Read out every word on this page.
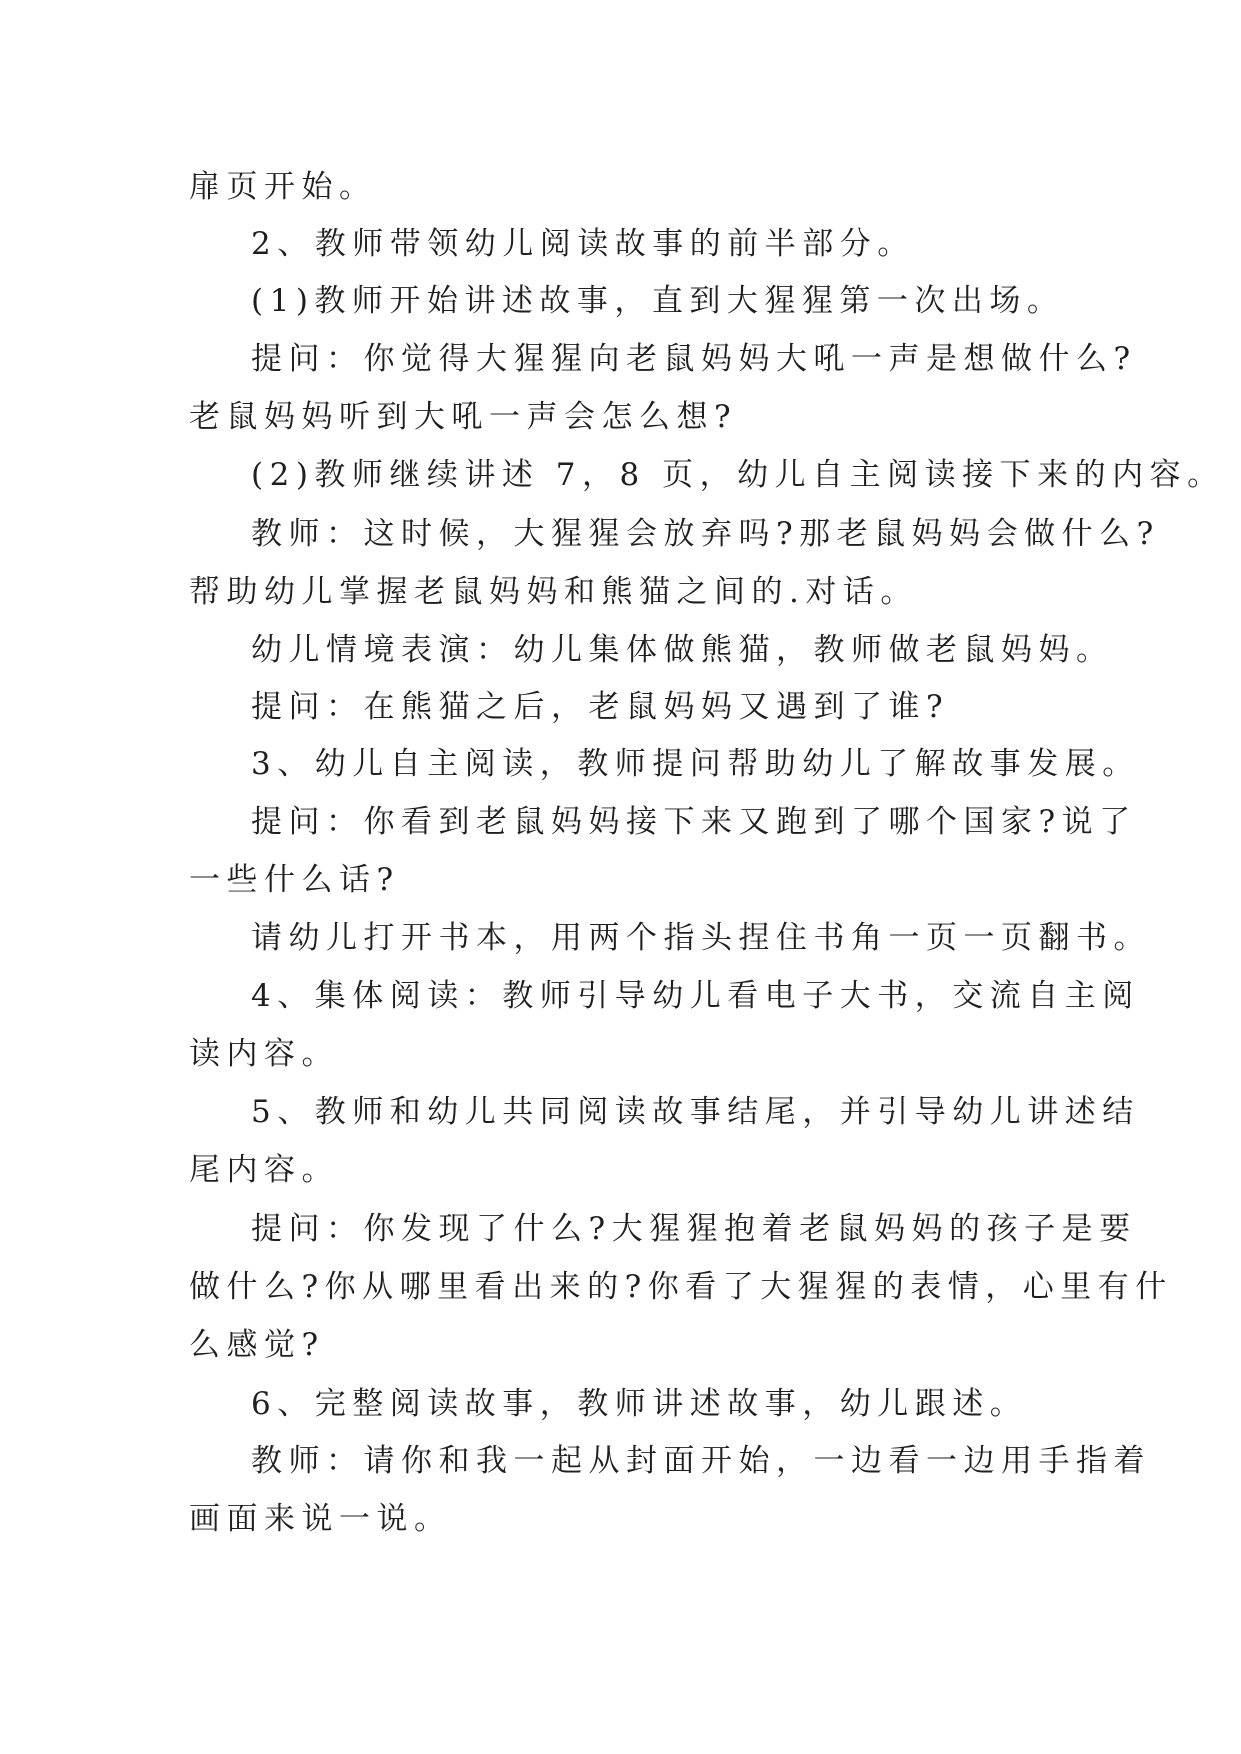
扉页开始。
2、教师带领幼儿阅读故事的前半部分。
(1)教师开始讲述故事，直到大猩猩第一次出场。
提问：你觉得大猩猩向老鼠妈妈大吼一声是想做什么?
老鼠妈妈听到大吼一声会怎么想?
(2)教师继续讲述 7，8 页，幼儿自主阅读接下来的内容。
教师：这时候，大猩猩会放弃吗?那老鼠妈妈会做什么?
帮助幼儿掌握老鼠妈妈和熊猫之间的.对话。
幼儿情境表演：幼儿集体做熊猫，教师做老鼠妈妈。
提问：在熊猫之后，老鼠妈妈又遇到了谁?
3、幼儿自主阅读，教师提问帮助幼儿了解故事发展。
提问：你看到老鼠妈妈接下来又跑到了哪个国家?说了
一些什么话?
请幼儿打开书本，用两个指头捏住书角一页一页翻书。
4、集体阅读：教师引导幼儿看电子大书，交流自主阅
读内容。
5、教师和幼儿共同阅读故事结尾，并引导幼儿讲述结
尾内容。
提问：你发现了什么?大猩猩抱着老鼠妈妈的孩子是要
做什么?你从哪里看出来的?你看了大猩猩的表情，心里有什
么感觉?
6、完整阅读故事，教师讲述故事，幼儿跟述。
教师：请你和我一起从封面开始，一边看一边用手指着
画面来说一说。
